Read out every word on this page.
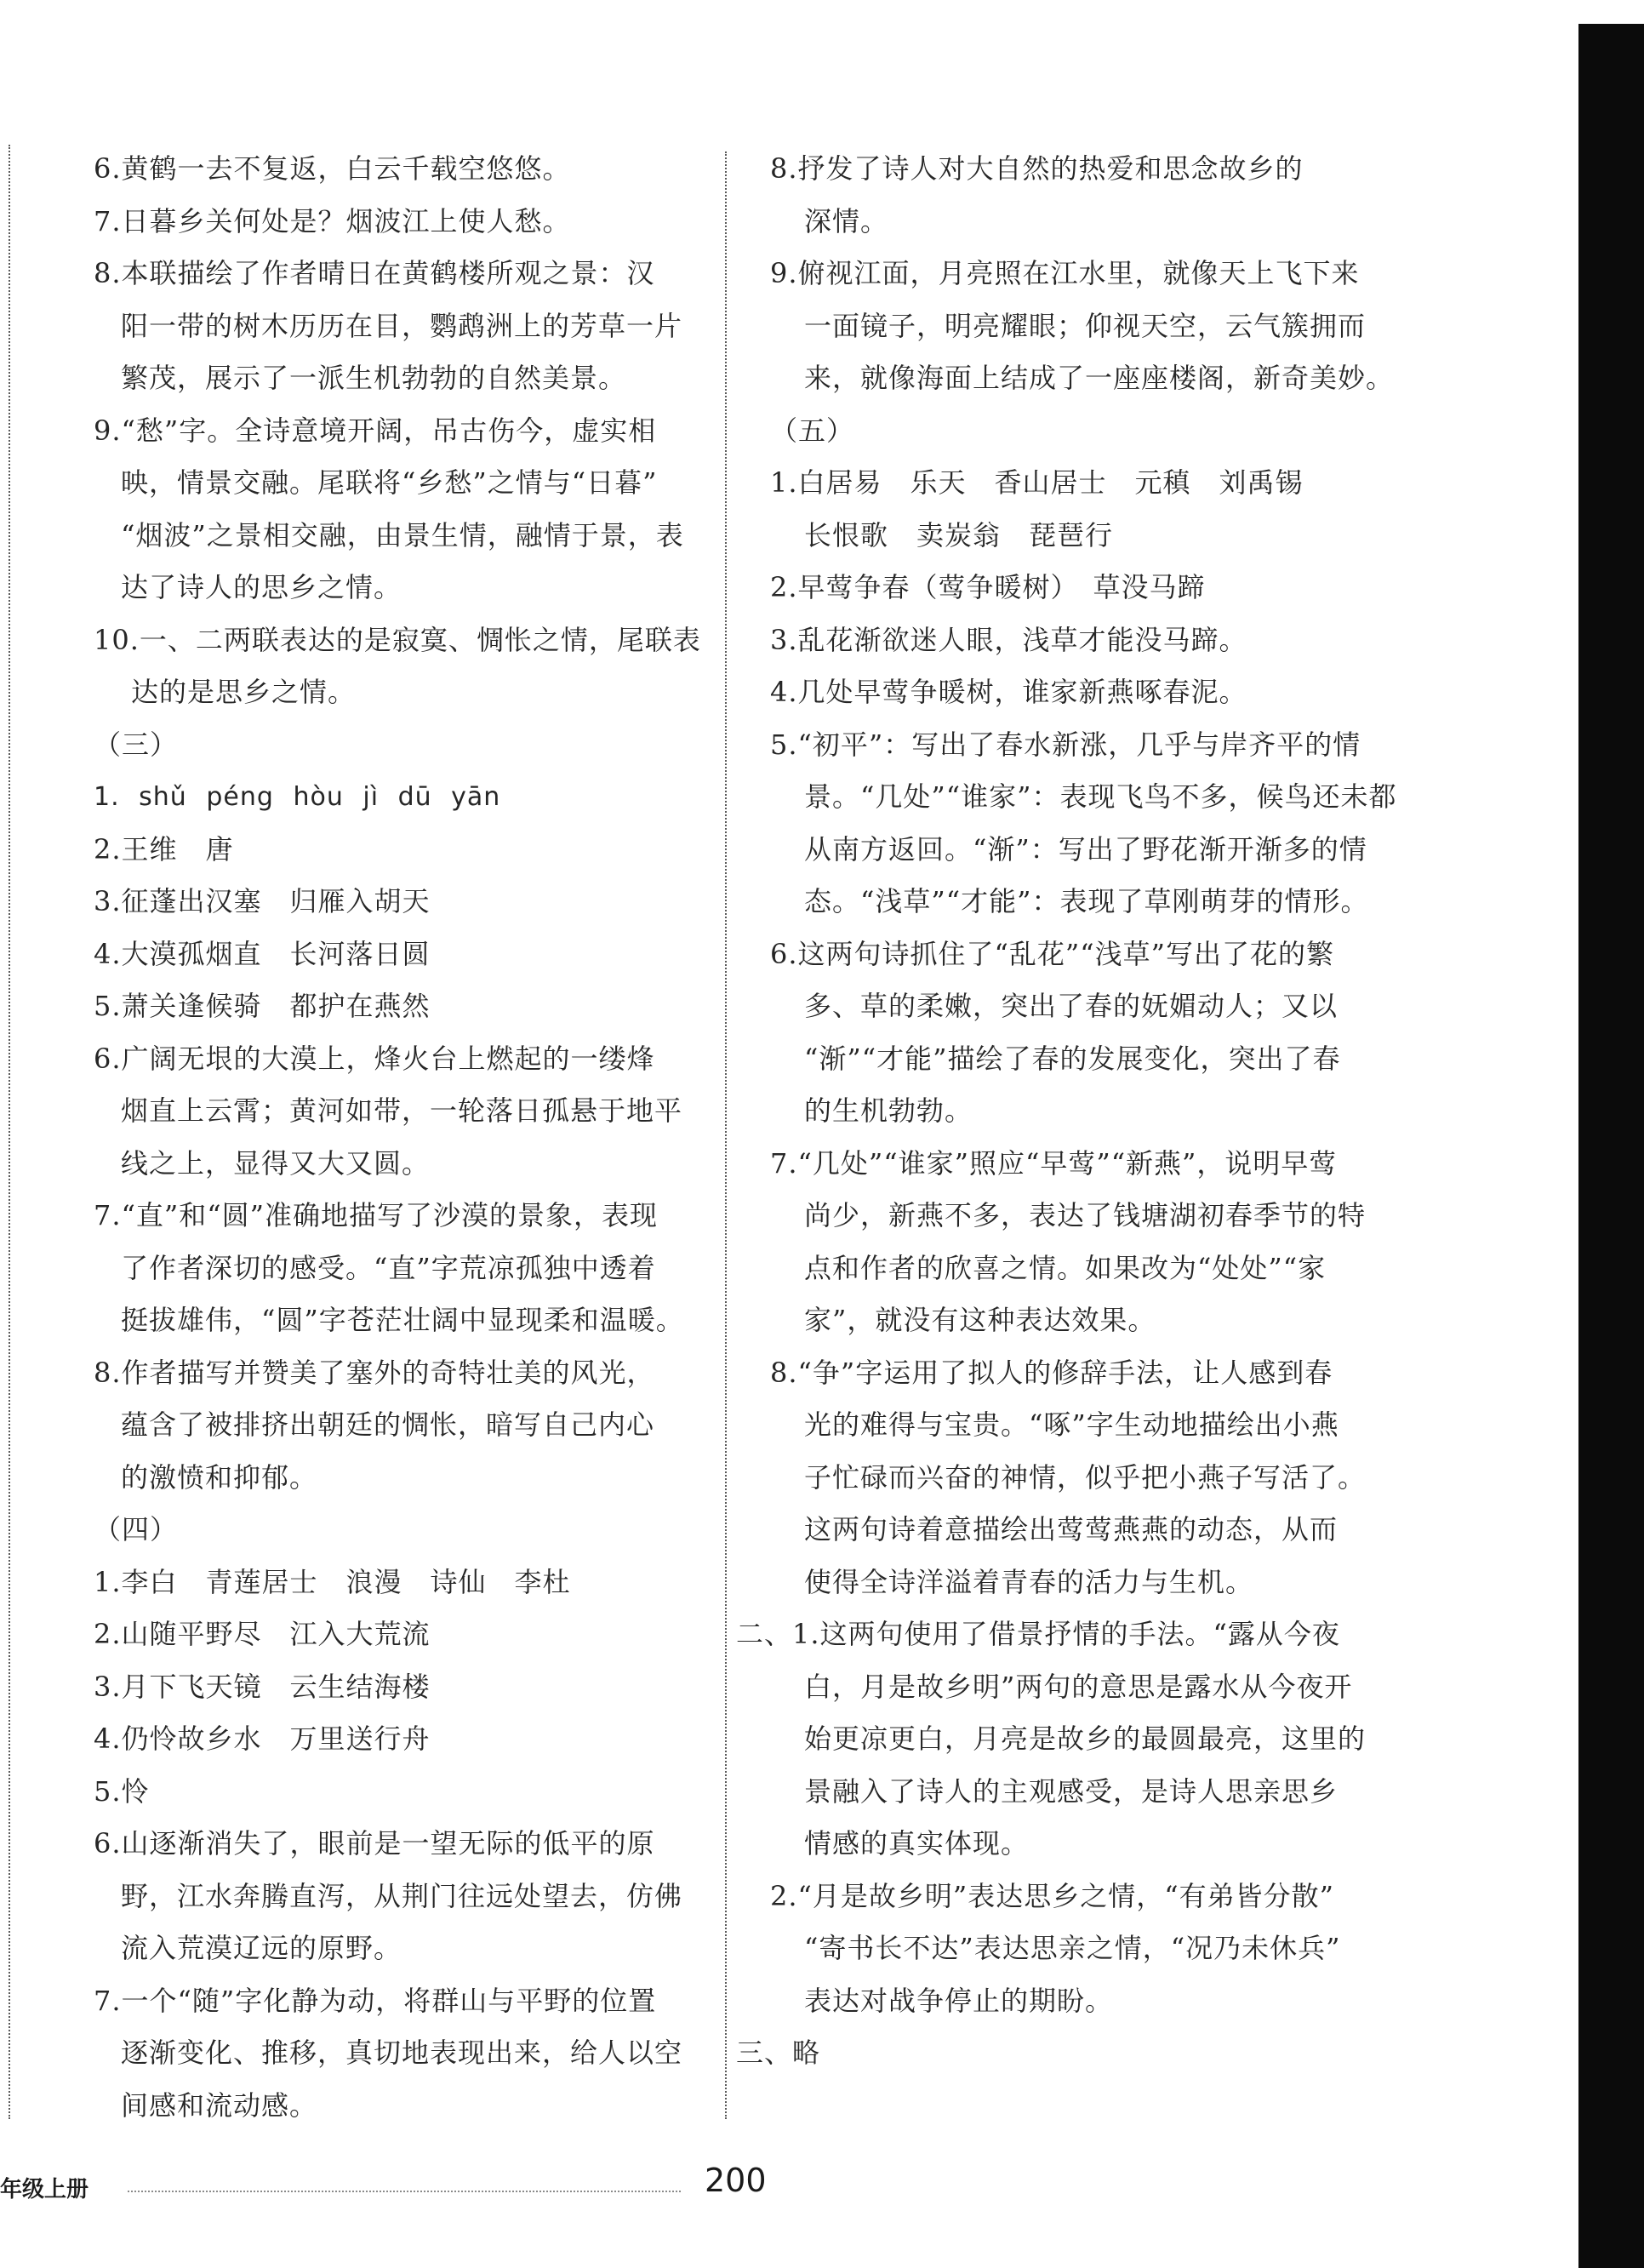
6.黄鹤一去不复返，白云千载空悠悠。
7.日暮乡关何处是？烟波江上使人愁。
8.本联描绘了作者晴日在黄鹤楼所观之景：汉
阳一带的树木历历在目，鹦鹉洲上的芳草一片
繁茂，展示了一派生机勃勃的自然美景。
9.“愁”字。全诗意境开阔，吊古伤今，虚实相
映，情景交融。尾联将“乡愁”之情与“日暮”
“烟波”之景相交融，由景生情，融情于景，表
达了诗人的思乡之情。
10.一、二两联表达的是寂寞、惆怅之情，尾联表
达的是思乡之情。
（三）
1. shǔ péng hòu jì dū yān
2.王维　唐
3.征蓬出汉塞　归雁入胡天
4.大漠孤烟直　长河落日圆
5.萧关逢候骑　都护在燕然
6.广阔无垠的大漠上，烽火台上燃起的一缕烽
烟直上云霄；黄河如带，一轮落日孤悬于地平
线之上，显得又大又圆。
7.“直”和“圆”准确地描写了沙漠的景象，表现
了作者深切的感受。“直”字荒凉孤独中透着
挺拔雄伟，“圆”字苍茫壮阔中显现柔和温暖。
8.作者描写并赞美了塞外的奇特壮美的风光，
蕴含了被排挤出朝廷的惆怅，暗写自己内心
的激愤和抑郁。
（四）
1.李白　青莲居士　浪漫　诗仙　李杜
2.山随平野尽　江入大荒流
3.月下飞天镜　云生结海楼
4.仍怜故乡水　万里送行舟
5.怜
6.山逐渐消失了，眼前是一望无际的低平的原
野，江水奔腾直泻，从荆门往远处望去，仿佛
流入荒漠辽远的原野。
7.一个“随”字化静为动，将群山与平野的位置
逐渐变化、推移，真切地表现出来，给人以空
间感和流动感。
8.抒发了诗人对大自然的热爱和思念故乡的
深情。
9.俯视江面，月亮照在江水里，就像天上飞下来
一面镜子，明亮耀眼；仰视天空，云气簇拥而
来，就像海面上结成了一座座楼阁，新奇美妙。
（五）
1.白居易　乐天　香山居士　元稹　刘禹锡
长恨歌　卖炭翁　琵琶行
2.早莺争春（莺争暖树）　草没马蹄
3.乱花渐欲迷人眼，浅草才能没马蹄。
4.几处早莺争暖树，谁家新燕啄春泥。
5.“初平”：写出了春水新涨，几乎与岸齐平的情
景。“几处”“谁家”：表现飞鸟不多，候鸟还未都
从南方返回。“渐”：写出了野花渐开渐多的情
态。“浅草”“才能”：表现了草刚萌芽的情形。
6.这两句诗抓住了“乱花”“浅草”写出了花的繁
多、草的柔嫩，突出了春的妩媚动人；又以
“渐”“才能”描绘了春的发展变化，突出了春
的生机勃勃。
7.“几处”“谁家”照应“早莺”“新燕”，说明早莺
尚少，新燕不多，表达了钱塘湖初春季节的特
点和作者的欣喜之情。如果改为“处处”“家
家”，就没有这种表达效果。
8.“争”字运用了拟人的修辞手法，让人感到春
光的难得与宝贵。“啄”字生动地描绘出小燕
子忙碌而兴奋的神情，似乎把小燕子写活了。
这两句诗着意描绘出莺莺燕燕的动态，从而
使得全诗洋溢着青春的活力与生机。
二、1.这两句使用了借景抒情的手法。“露从今夜
白，月是故乡明”两句的意思是露水从今夜开
始更凉更白，月亮是故乡的最圆最亮，这里的
景融入了诗人的主观感受，是诗人思亲思乡
情感的真实体现。
2.“月是故乡明”表达思乡之情，“有弟皆分散”
“寄书长不达”表达思亲之情，“况乃未休兵”
表达对战争停止的期盼。
三、略
年级上册	200
